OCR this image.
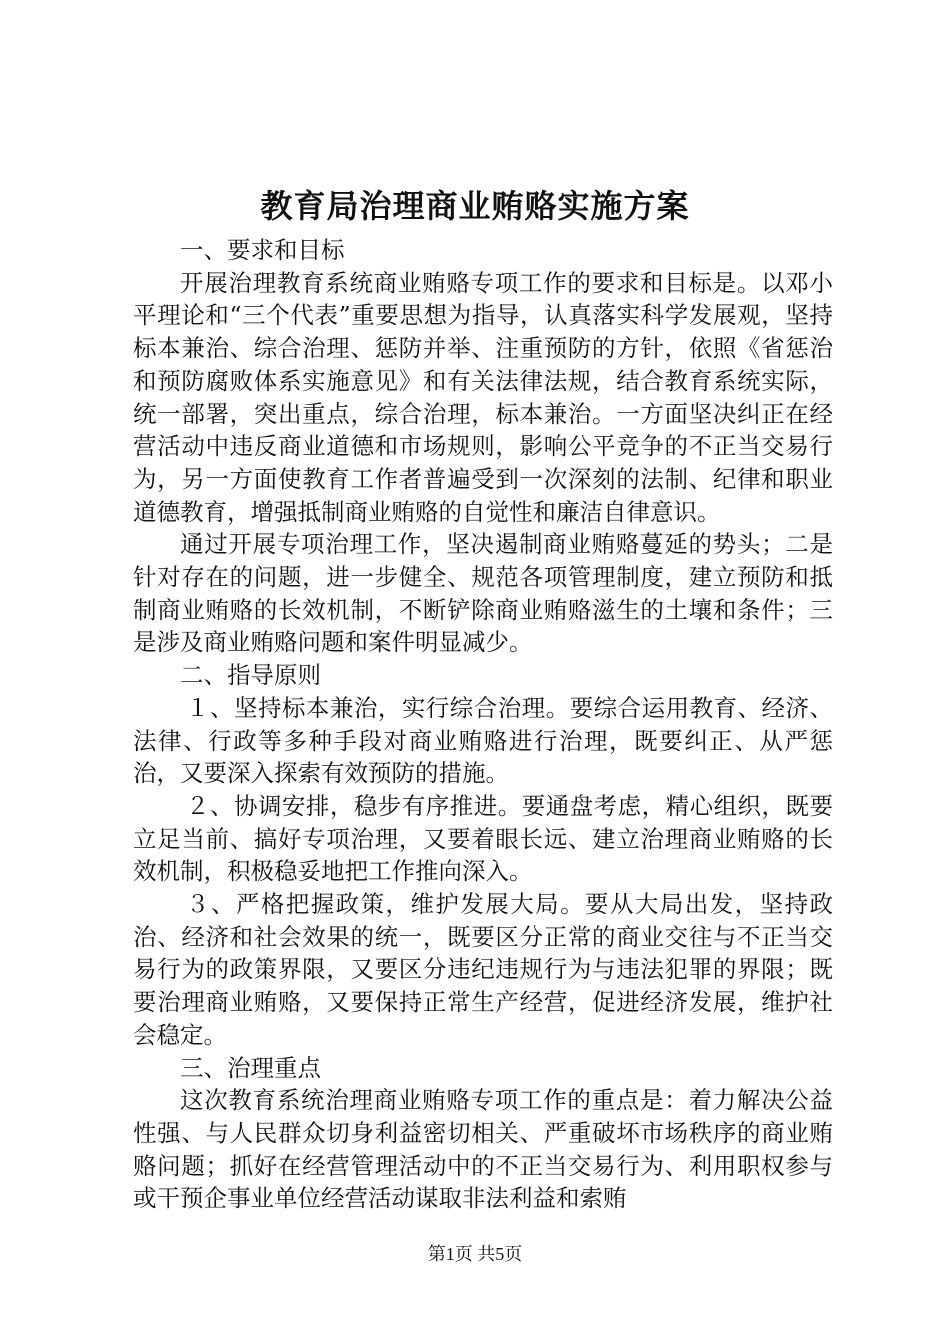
教育局治理商业贿赂实施方案

一、要求和目标

开展治理教育系统商业贿赂专项工作的要求和目标是。以邓小平理论和“三个代表”重要思想为指导，认真落实科学发展观，坚持标本兼治、综合治理、惩防并举、注重预防的方针，依照《省惩治和预防腐败体系实施意见》和有关法律法规，结合教育系统实际，统一部署，突出重点，综合治理，标本兼治。一方面坚决纠正在经营活动中违反商业道德和市场规则，影响公平竞争的不正当交易行为，另一方面使教育工作者普遍受到一次深刻的法制、纪律和职业道德教育，增强抵制商业贿赂的自觉性和廉洁自律意识。

通过开展专项治理工作，坚决遏制商业贿赂蔓延的势头；二是针对存在的问题，进一步健全、规范各项管理制度，建立预防和抵制商业贿赂的长效机制，不断铲除商业贿赂滋生的土壤和条件；三是涉及商业贿赂问题和案件明显减少。

二、指导原则

１、坚持标本兼治，实行综合治理。要综合运用教育、经济、法律、行政等多种手段对商业贿赂进行治理，既要纠正、从严惩治，又要深入探索有效预防的措施。

２、协调安排，稳步有序推进。要通盘考虑，精心组织，既要立足当前、搞好专项治理，又要着眼长远、建立治理商业贿赂的长效机制，积极稳妥地把工作推向深入。

３、严格把握政策，维护发展大局。要从大局出发，坚持政治、经济和社会效果的统一，既要区分正常的商业交往与不正当交易行为的政策界限，又要区分违纪违规行为与违法犯罪的界限；既要治理商业贿赂，又要保持正常生产经营，促进经济发展，维护社会稳定。

三、治理重点

这次教育系统治理商业贿赂专项工作的重点是：着力解决公益性强、与人民群众切身利益密切相关、严重破坏市场秩序的商业贿赂问题；抓好在经营管理活动中的不正当交易行为、利用职权参与或干预企事业单位经营活动谋取非法利益和索贿

第1页 共5页
